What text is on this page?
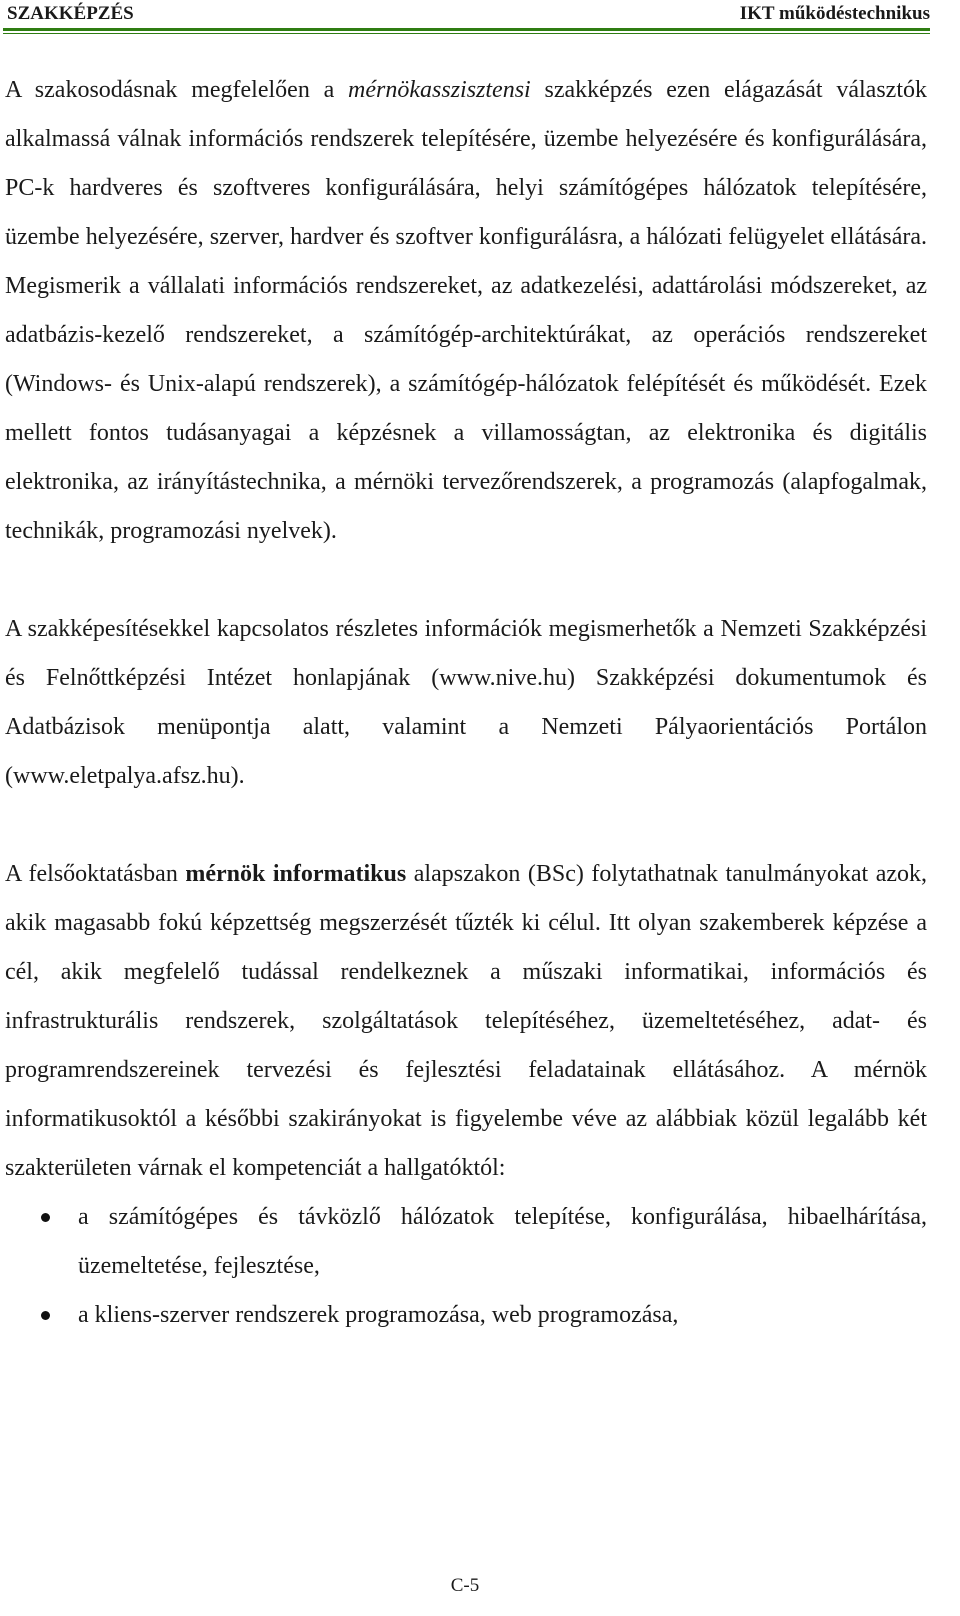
SZAKKÉPZÉS	IKT működéstechnikus

A szakosodásnak megfelelően a mérnökasszisztensi szakképzés ezen elágazását választók alkalmassá válnak információs rendszerek telepítésére, üzembe helyezésére és konfigurálására, PC-k hardveres és szoftveres konfigurálására, helyi számítógépes hálózatok telepítésére, üzembe helyezésére, szerver, hardver és szoftver konfigurálásra, a hálózati felügyelet ellátására. Megismerik a vállalati információs rendszereket, az adatkezelési, adattárolási módszereket, az adatbázis-kezelő rendszereket, a számítógép-architektúrákat, az operációs rendszereket (Windows- és Unix-alapú rendszerek), a számítógép-hálózatok felépítését és működését. Ezek mellett fontos tudásanyagai a képzésnek a villamosságtan, az elektronika és digitális elektronika, az irányítástechnika, a mérnöki tervezőrendszerek, a programozás (alapfogalmak, technikák, programozási nyelvek).

A szakképesítésekkel kapcsolatos részletes információk megismerhetők a Nemzeti Szakképzési és Felnőttképzési Intézet honlapjának (www.nive.hu) Szakképzési dokumentumok és Adatbázisok menüpontja alatt, valamint a Nemzeti Pályaorientációs Portálon (www.eletpalya.afsz.hu).

A felsőoktatásban mérnök informatikus alapszakon (BSc) folytathatnak tanulmányokat azok, akik magasabb fokú képzettség megszerzését tűzték ki célul. Itt olyan szakemberek képzése a cél, akik megfelelő tudással rendelkeznek a műszaki informatikai, információs és infrastrukturális rendszerek, szolgáltatások telepítéséhez, üzemeltetéséhez, adat- és programrendszereinek tervezési és fejlesztési feladatainak ellátásához. A mérnök informatikusoktól a későbbi szakirányokat is figyelembe véve az alábbiak közül legalább két szakterületen várnak el kompetenciát a hallgatóktól:

a számítógépes és távközlő hálózatok telepítése, konfigurálása, hibaelhárítása, üzemeltetése, fejlesztése,
a kliens-szerver rendszerek programozása, web programozása,
C-5
